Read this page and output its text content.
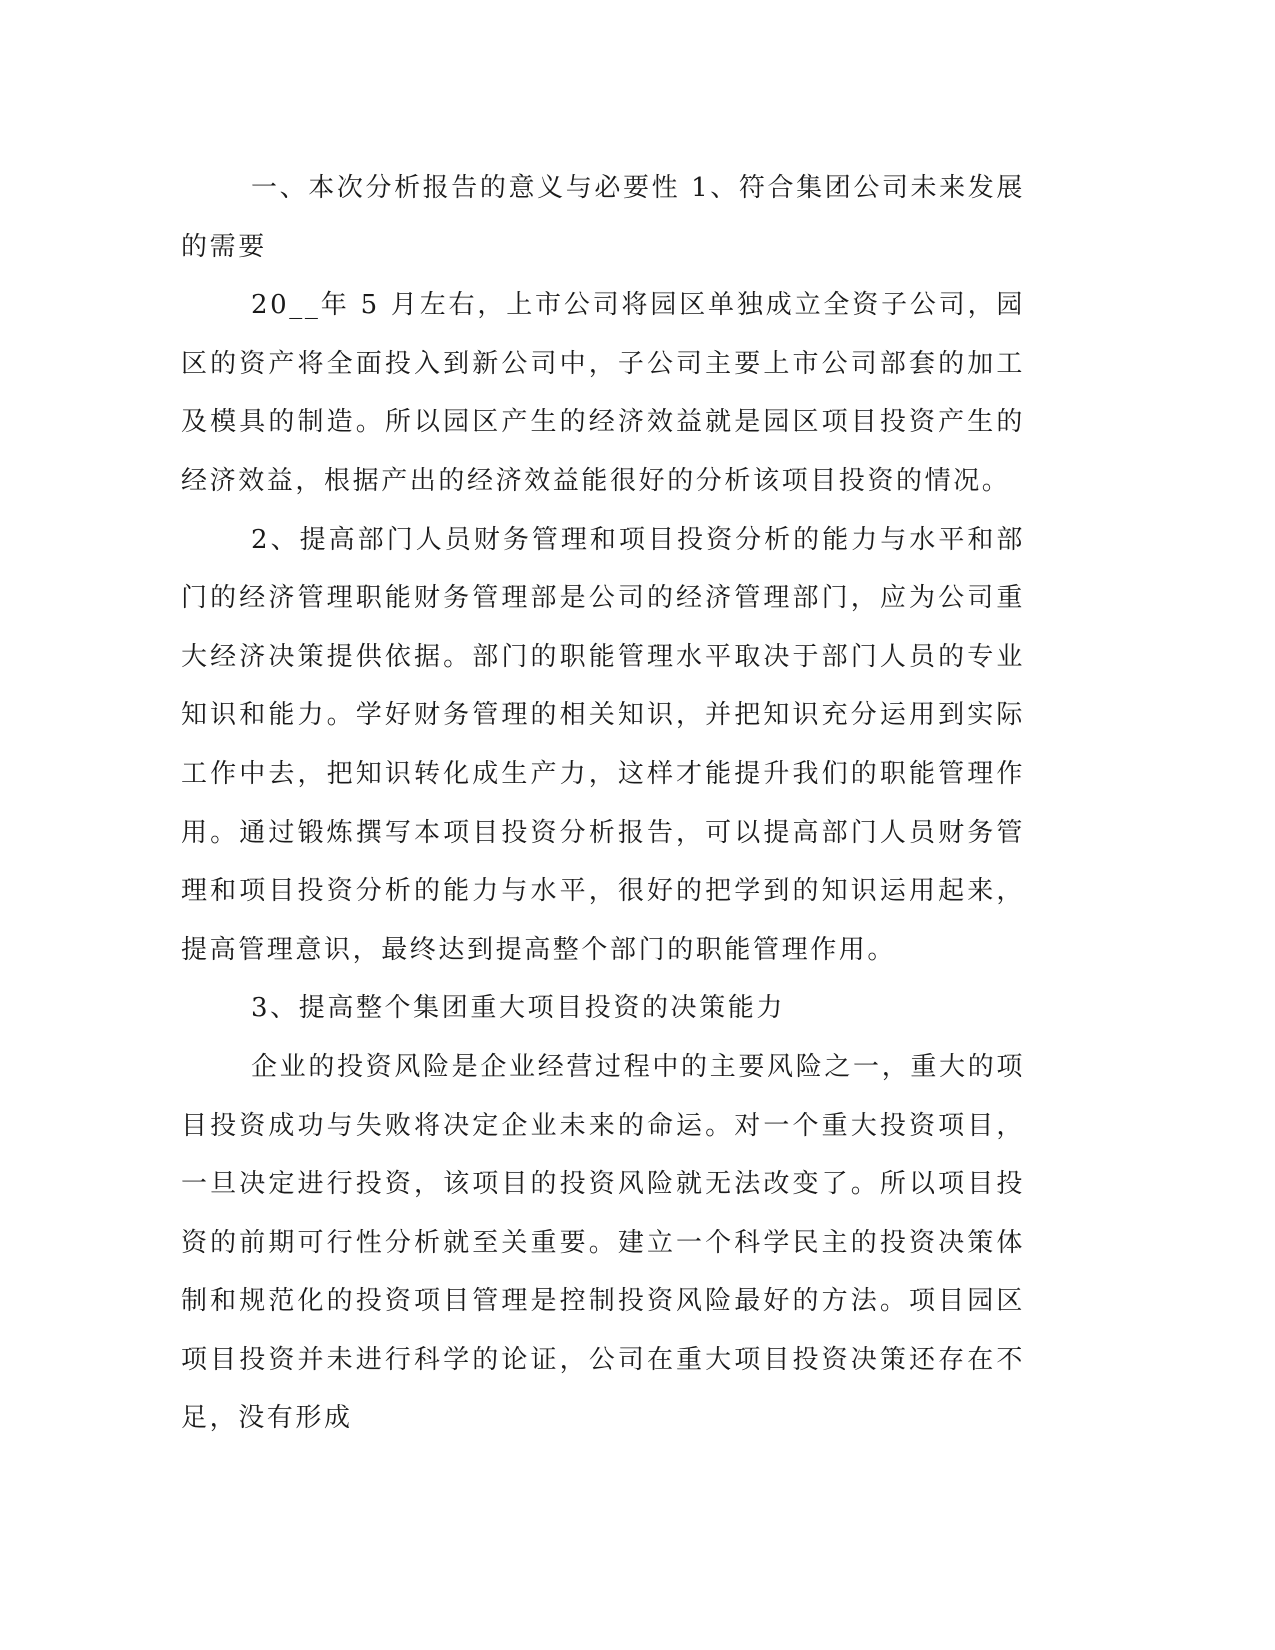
一、本次分析报告的意义与必要性 1、符合集团公司未来发展的需要

20__年 5 月左右，上市公司将园区单独成立全资子公司，园区的资产将全面投入到新公司中，子公司主要上市公司部套的加工及模具的制造。所以园区产生的经济效益就是园区项目投资产生的经济效益，根据产出的经济效益能很好的分析该项目投资的情况。

2、提高部门人员财务管理和项目投资分析的能力与水平和部门的经济管理职能财务管理部是公司的经济管理部门，应为公司重大经济决策提供依据。部门的职能管理水平取决于部门人员的专业知识和能力。学好财务管理的相关知识，并把知识充分运用到实际工作中去，把知识转化成生产力，这样才能提升我们的职能管理作用。通过锻炼撰写本项目投资分析报告，可以提高部门人员财务管理和项目投资分析的能力与水平，很好的把学到的知识运用起来，提高管理意识，最终达到提高整个部门的职能管理作用。

3、提高整个集团重大项目投资的决策能力

企业的投资风险是企业经营过程中的主要风险之一，重大的项目投资成功与失败将决定企业未来的命运。对一个重大投资项目，一旦决定进行投资，该项目的投资风险就无法改变了。所以项目投资的前期可行性分析就至关重要。建立一个科学民主的投资决策体制和规范化的投资项目管理是控制投资风险最好的方法。项目园区项目投资并未进行科学的论证，公司在重大项目投资决策还存在不足，没有形成
